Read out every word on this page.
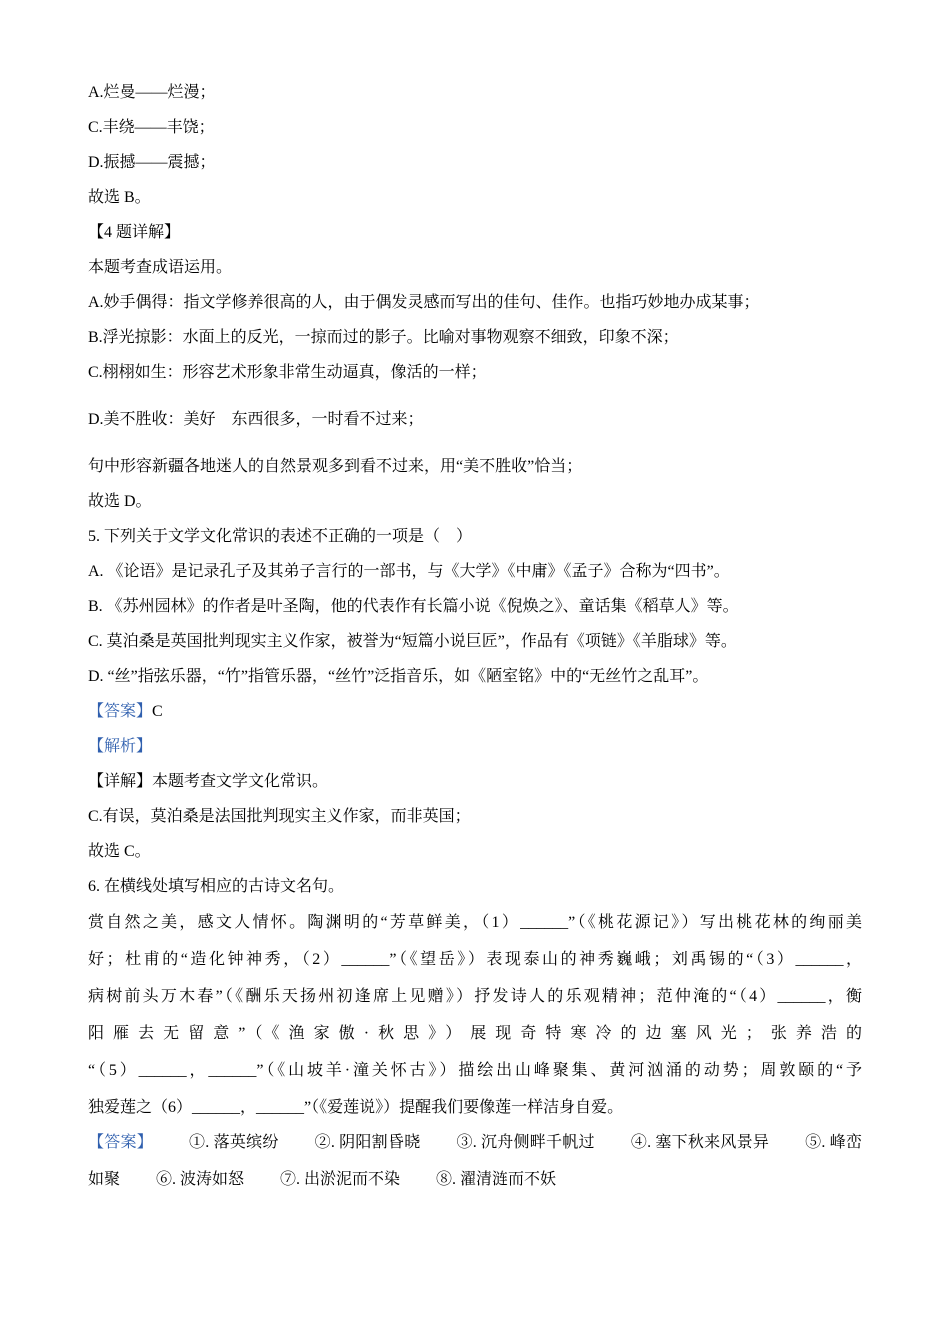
A.烂曼——烂漫；
C.丰绕——丰饶；
D.振撼——震撼；
故选 B。
【4 题详解】
本题考查成语运用。
A.妙手偶得：指文学修养很高的人，由于偶发灵感而写出的佳句、佳作。也指巧妙地办成某事；
B.浮光掠影：水面上的反光，一掠而过的影子。比喻对事物观察不细致，印象不深；
C.栩栩如生：形容艺术形象非常生动逼真，像活的一样；
D.美不胜收：美好　东西很多，一时看不过来；
句中形容新疆各地迷人的自然景观多到看不过来，用“美不胜收”恰当；
故选 D。
5. 下列关于文学文化常识的表述不正确的一项是（　）
A. 《论语》是记录孔子及其弟子言行的一部书，与《大学》《中庸》《孟子》合称为“四书”。
B. 《苏州园林》的作者是叶圣陶，他的代表作有长篇小说《倪焕之》、童话集《稻草人》等。
C. 莫泊桑是英国批判现实主义作家，被誉为“短篇小说巨匠”，作品有《项链》《羊脂球》等。
D. “丝”指弦乐器，“竹”指管乐器，“丝竹”泛指音乐，如《陋室铭》中的“无丝竹之乱耳”。
【答案】C
【解析】
【详解】本题考查文学文化常识。
C.有误，莫泊桑是法国批判现实主义作家，而非英国；
故选 C。
6. 在横线处填写相应的古诗文名句。
赏自然之美，感文人情怀。陶渊明的“芳草鲜美，（1）______”（《桃花源记》）写出桃花林的绚丽美
好；杜甫的“造化钟神秀，（2）______”（《望岳》）表现泰山的神秀巍峨；刘禹锡的“（3）______，
病树前头万木春”（《酬乐天扬州初逢席上见赠》）抒发诗人的乐观精神；范仲淹的“（4）______，衡
阳雁去无留意”（《渔家傲·秋思》）展现奇特寒冷的边塞风光；张养浩的
“（5）______，______”（《山坡羊·潼关怀古》）描绘出山峰聚集、黄河汹涌的动势；周敦颐的“予
独爱莲之（6）______，______”（《爱莲说》）提醒我们要像莲一样洁身自爱。
【答案】 ①. 落英缤纷 ②. 阴阳割昏晓 ③. 沉舟侧畔千帆过 ④. 塞下秋来风景异 ⑤. 峰峦如聚 ⑥. 波涛如怒 ⑦. 出淤泥而不染 ⑧. 濯清涟而不妖
